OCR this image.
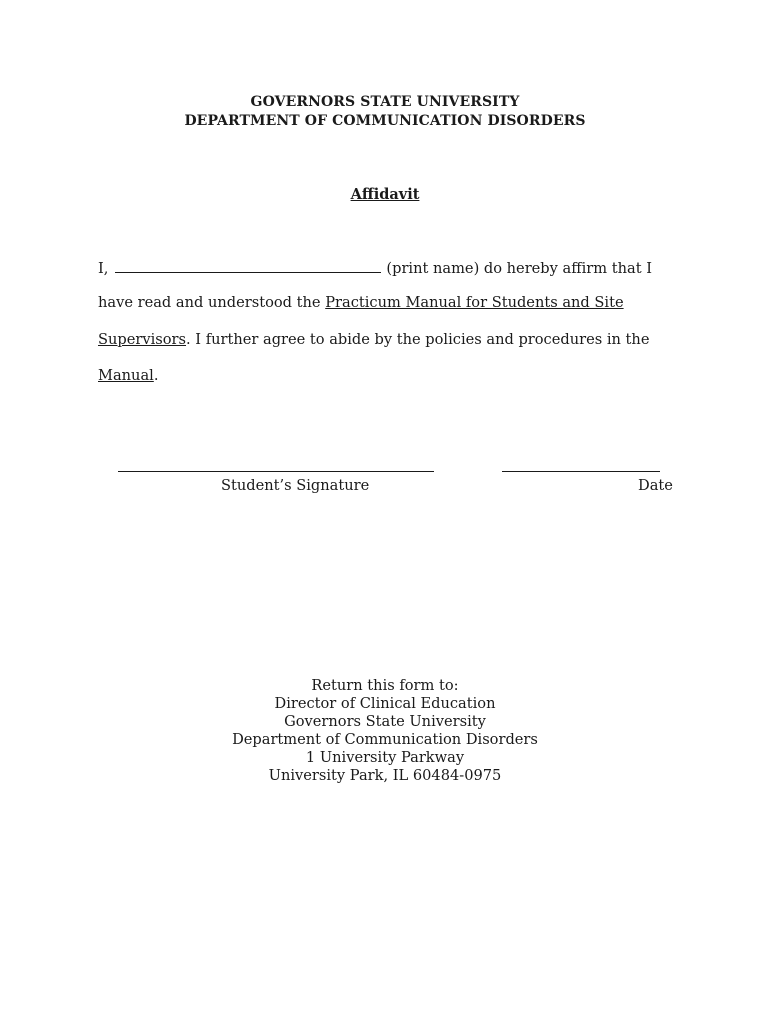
GOVERNORS STATE UNIVERSITY
DEPARTMENT OF COMMUNICATION DISORDERS
Affidavit
I,	(print name) do hereby affirm that I
have read and understood the Practicum Manual for Students and Site
Supervisors. I further agree to abide by the policies and procedures in the
Manual.
Student’s Signature	Date
Return this form to:
Director of Clinical Education
Governors State University
Department of Communication Disorders
1 University Parkway
University Park, IL 60484-0975
